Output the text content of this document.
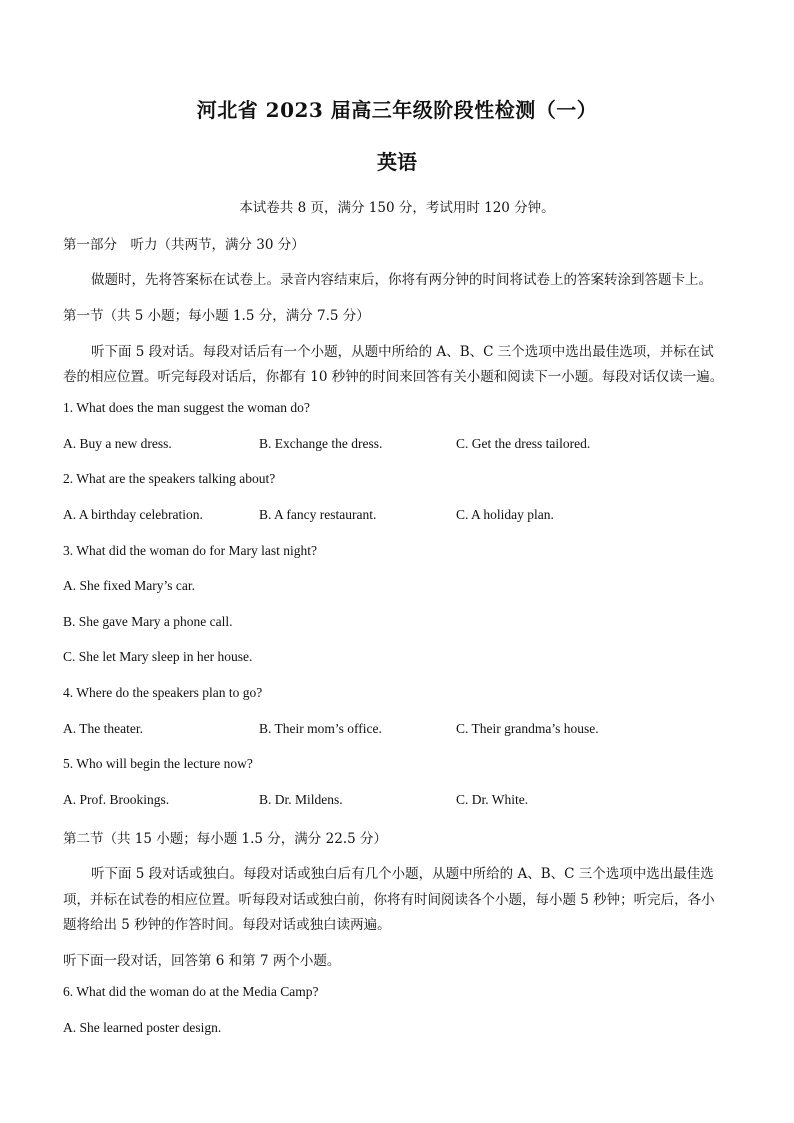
河北省 2023 届高三年级阶段性检测（一）
英语
本试卷共 8 页，满分 150 分，考试用时 120 分钟。
第一部分　听力（共两节，满分 30 分）
做题时，先将答案标在试卷上。录音内容结束后，你将有两分钟的时间将试卷上的答案转涂到答题卡上。
第一节（共 5 小题；每小题 1.5 分，满分 7.5 分）
听下面 5 段对话。每段对话后有一个小题，从题中所给的 A、B、C 三个选项中选出最佳选项，并标在试
卷的相应位置。听完每段对话后，你都有 10 秒钟的时间来回答有关小题和阅读下一小题。每段对话仅读一遍。
1. What does the man suggest the woman do?
A. Buy a new dress.	B. Exchange the dress.	C. Get the dress tailored.
2. What are the speakers talking about?
A. A birthday celebration.	B. A fancy restaurant.	C. A holiday plan.
3. What did the woman do for Mary last night?
A. She fixed Mary’s car.
B. She gave Mary a phone call.
C. She let Mary sleep in her house.
4. Where do the speakers plan to go?
A. The theater.	B. Their mom’s office.	C. Their grandma’s house.
5. Who will begin the lecture now?
A. Prof. Brookings.	B. Dr. Mildens.	C. Dr. White.
第二节（共 15 小题；每小题 1.5 分，满分 22.5 分）
听下面 5 段对话或独白。每段对话或独白后有几个小题，从题中所给的 A、B、C 三个选项中选出最佳选
项，并标在试卷的相应位置。听每段对话或独白前，你将有时间阅读各个小题，每小题 5 秒钟；听完后，各小
题将给出 5 秒钟的作答时间。每段对话或独白读两遍。
听下面一段对话，回答第 6 和第 7 两个小题。
6. What did the woman do at the Media Camp?
A. She learned poster design.
